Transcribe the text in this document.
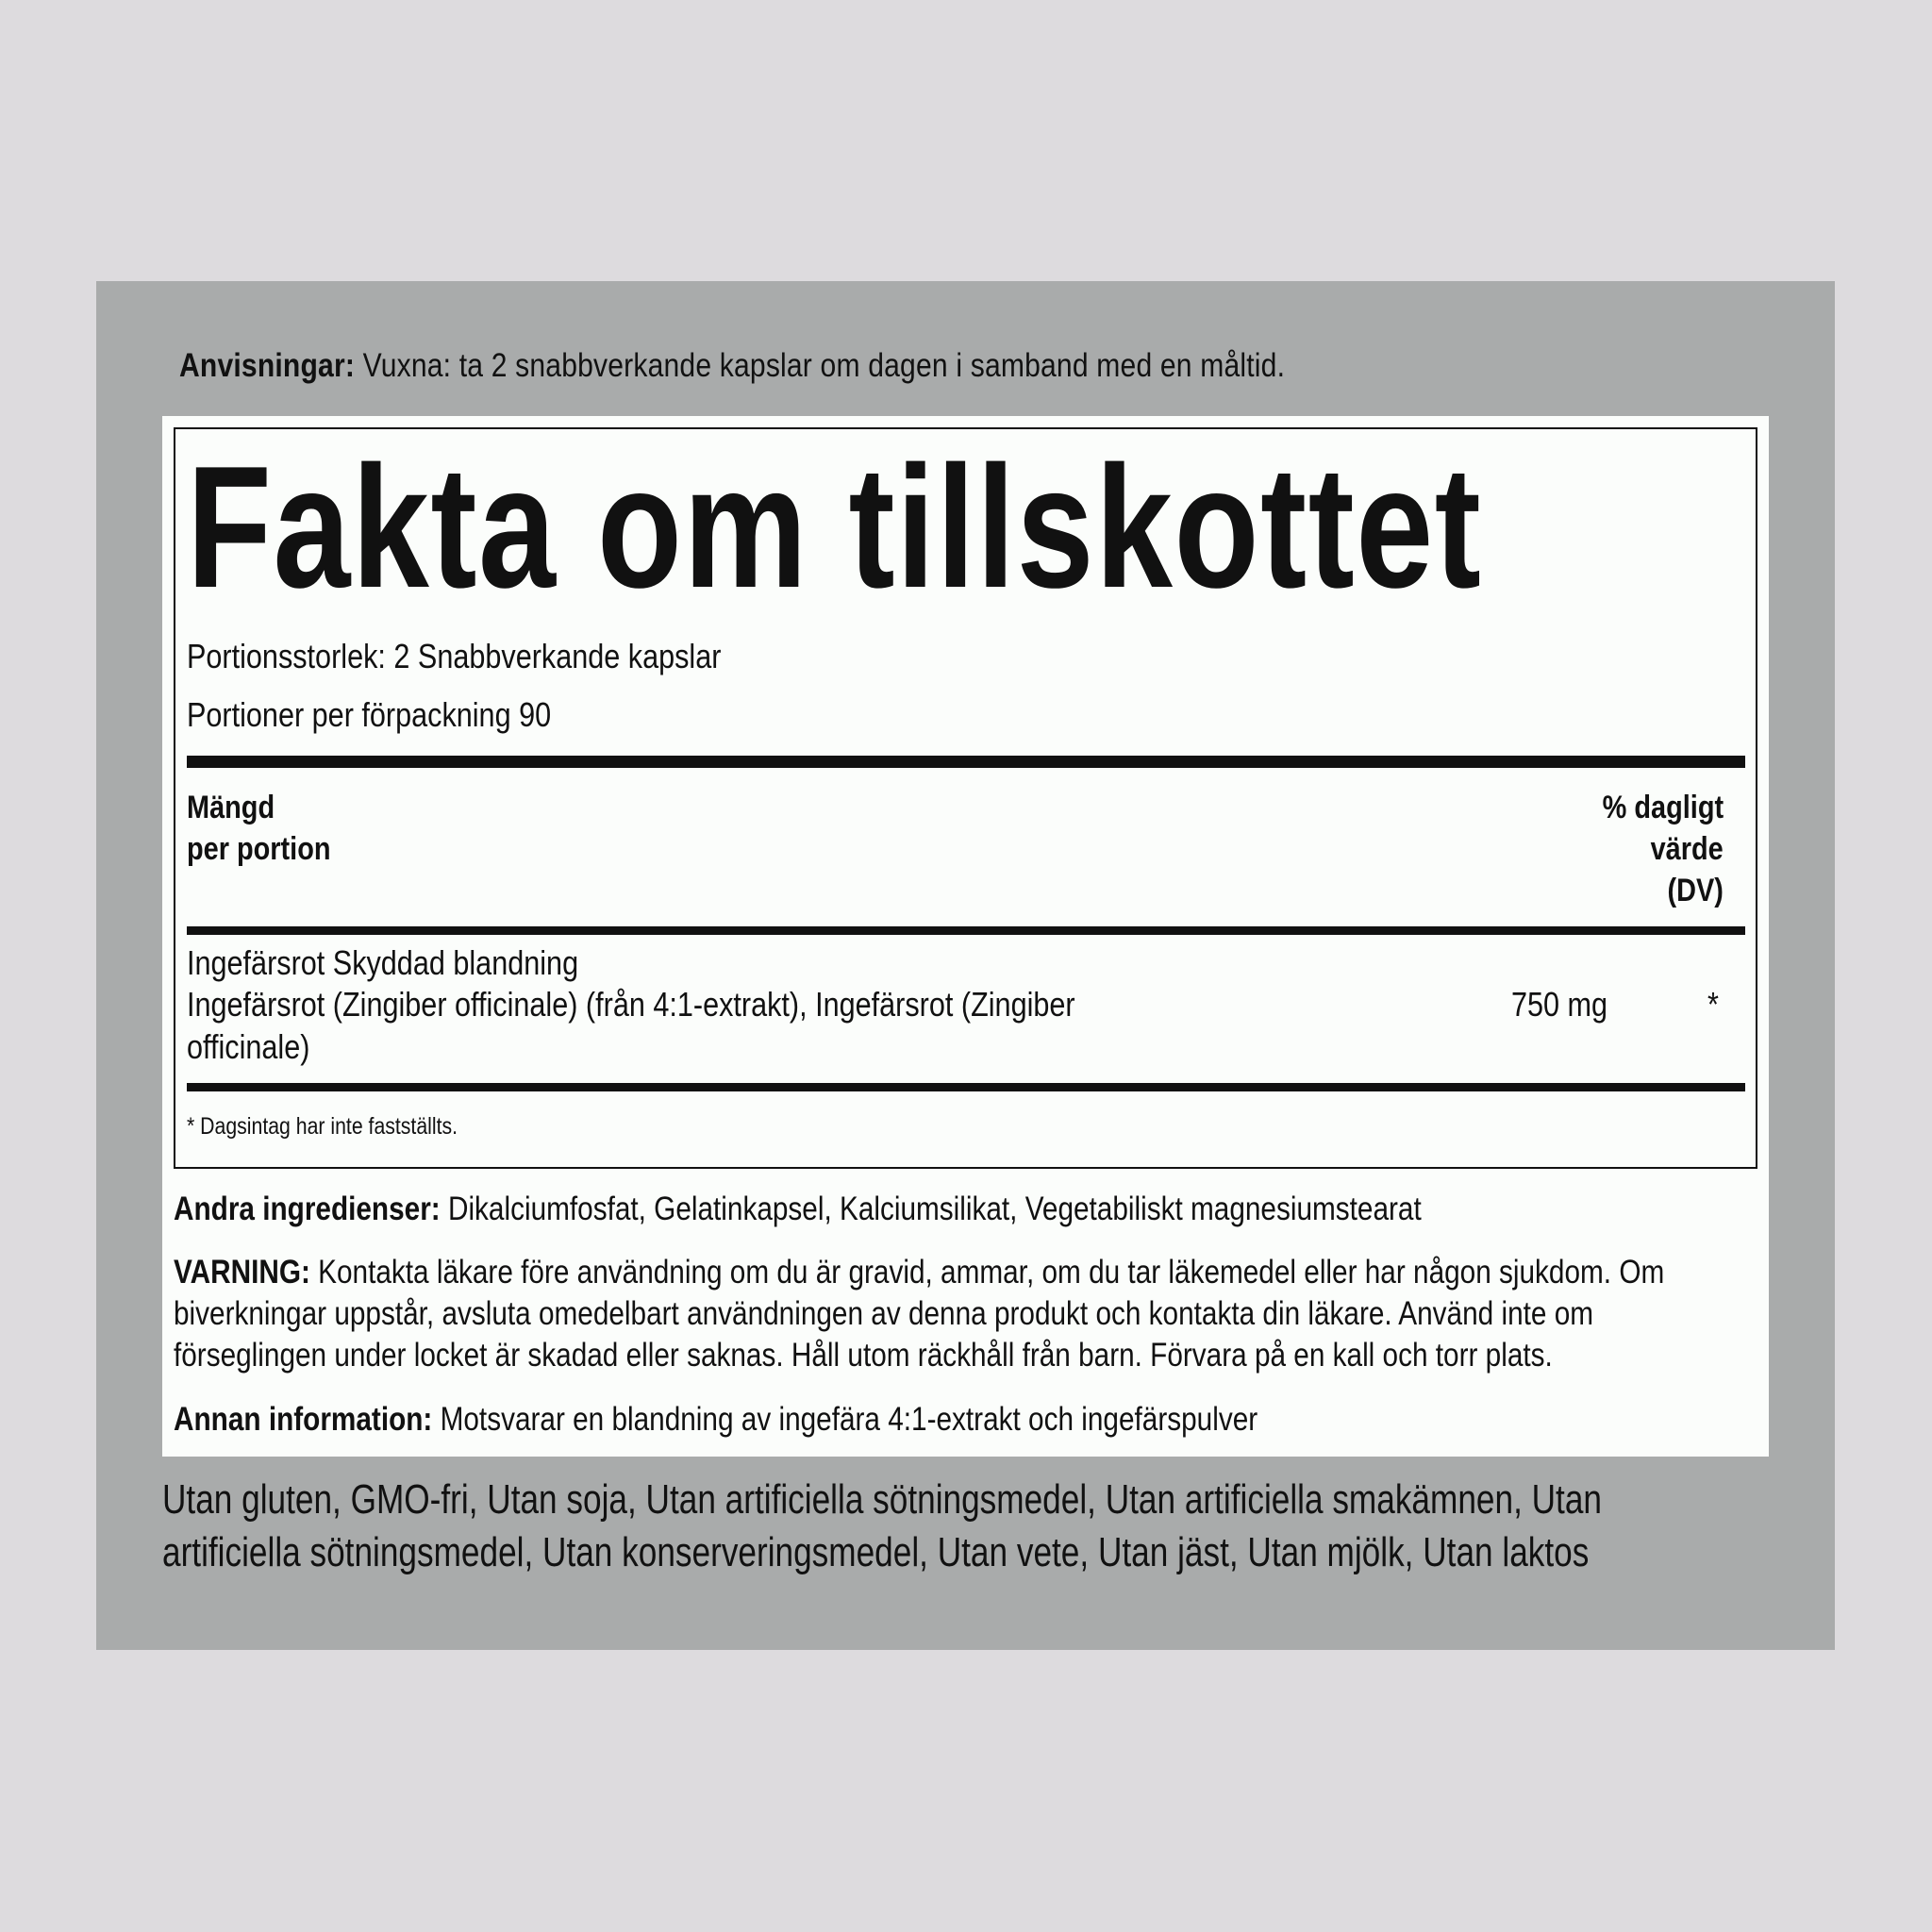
Anvisningar: Vuxna: ta 2 snabbverkande kapslar om dagen i samband med en måltid.
Fakta om tillskottet
Portionsstorlek: 2 Snabbverkande kapslar
Portioner per förpackning 90
Mängd
per portion
% dagligt
värde
(DV)
Ingefärsrot Skyddad blandning
Ingefärsrot (Zingiber officinale) (från 4:1-extrakt), Ingefärsrot (Zingiber
officinale)
750 mg	*
* Dagsintag har inte fastställts.
Andra ingredienser: Dikalciumfosfat, Gelatinkapsel, Kalciumsilikat, Vegetabiliskt magnesiumstearat
VARNING: Kontakta läkare före användning om du är gravid, ammar, om du tar läkemedel eller har någon sjukdom. Om
biverkningar uppstår, avsluta omedelbart användningen av denna produkt och kontakta din läkare. Använd inte om
förseglingen under locket är skadad eller saknas. Håll utom räckhåll från barn. Förvara på en kall och torr plats.
Annan information: Motsvarar en blandning av ingefära 4:1-extrakt och ingefärspulver
Utan gluten, GMO-fri, Utan soja, Utan artificiella sötningsmedel, Utan artificiella smakämnen, Utan
artificiella sötningsmedel, Utan konserveringsmedel, Utan vete, Utan jäst, Utan mjölk, Utan laktos
